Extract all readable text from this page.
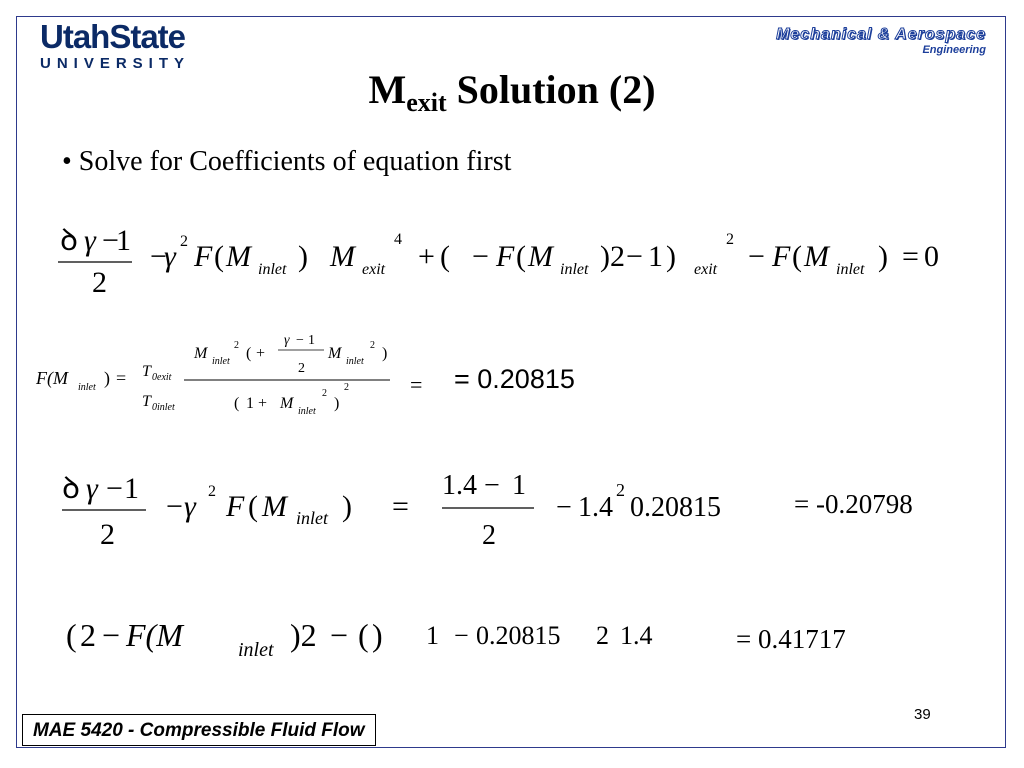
UtahState
UNIVERSITY
Mechanical & Aerospace
Engineering
$M_{exit}$ Solution (2)
• Solve for Coefficients of equation first
ꝺ γ −
1
2
−
γ 2 F ( M inlet ) M exit
4
+ ( − F ( M inlet ) 2 − 1 ) exit
2
− F ( M inlet ) = 0
F(M inlet ) = T 0exit
T 0inlet
M inlet
2 ( +
γ − 1
2
M inlet
2 )
( 1 + M inlet
2
)
2	= = 0.20815
ꝺ γ − 1
2
− γ 2 F ( M inlet ) =
1.4 − 1
2
− 1.4
2
0.20815	= -0.20798
( 2 − F(M	inlet )2 − ( ) 1 − 0.20815 2 1.4	= 0.41717
39
MAE 5420 - Compressible Fluid Flow
